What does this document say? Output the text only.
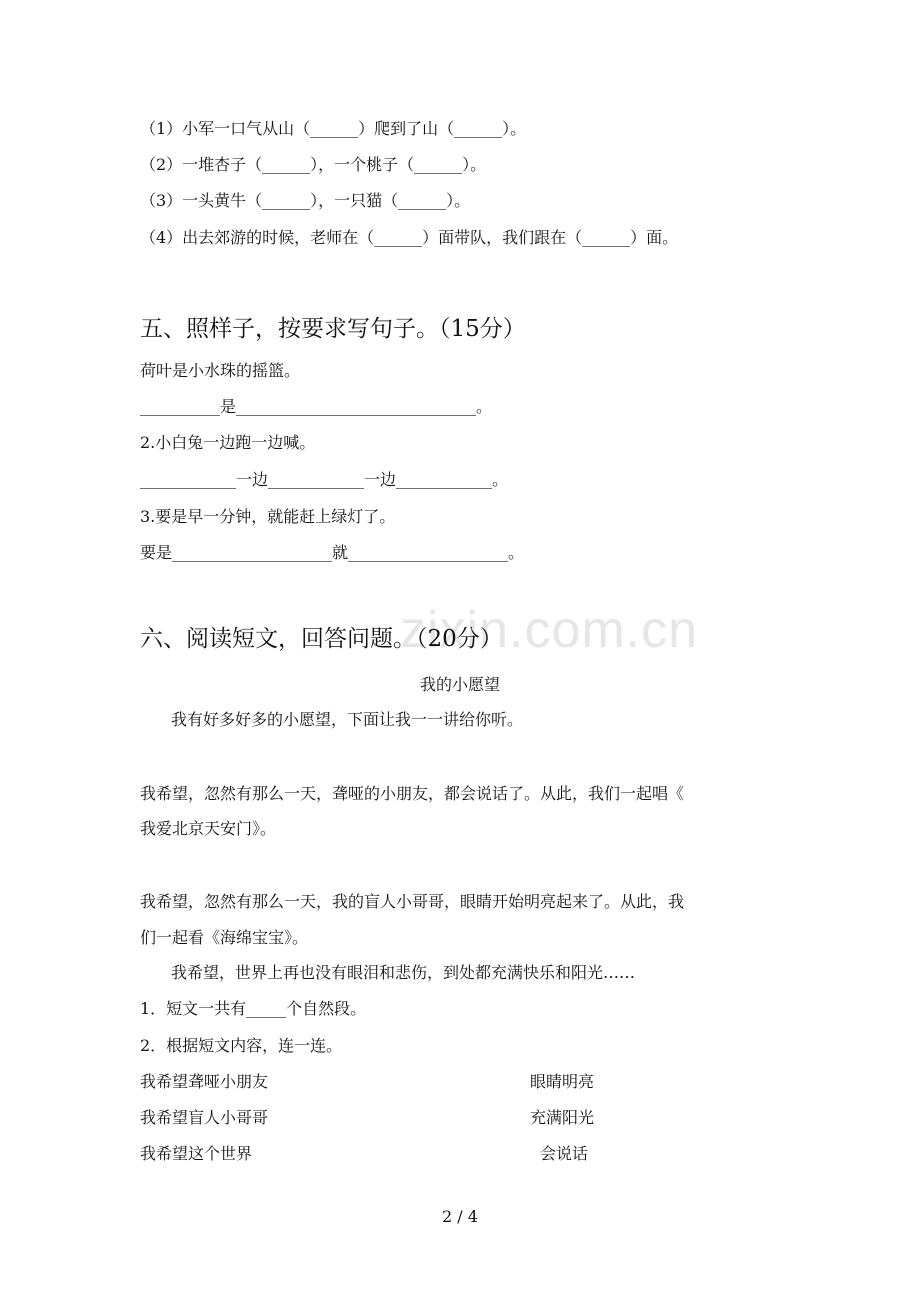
zixin.com.cn
（1）小军一口气从山（______）爬到了山（______）。
（2）一堆杏子（______），一个桃子（______）。
（3）一头黄牛（______），一只猫（______）。
（4）出去郊游的时候，老师在（______）面带队，我们跟在（______）面。
五、照样子，按要求写句子。（15分）
荷叶是小水珠的摇篮。
__________是______________________________。
2.小白兔一边跑一边喊。
____________一边____________一边____________。
3.要是早一分钟，就能赶上绿灯了。
要是____________________就____________________。
六、阅读短文，回答问题。（20分）
我的小愿望
我有好多好多的小愿望，下面让我一一讲给你听。
我希望，忽然有那么一天，聋哑的小朋友，都会说话了。从此，我们一起唱《
我爱北京天安门》。
我希望，忽然有那么一天，我的盲人小哥哥，眼睛开始明亮起来了。从此，我
们一起看《海绵宝宝》。
我希望，世界上再也没有眼泪和悲伤，到处都充满快乐和阳光……
1．短文一共有_____个自然段。
2．根据短文内容，连一连。
我希望聋哑小朋友	眼睛明亮
我希望盲人小哥哥	充满阳光
我希望这个世界	会说话
2 / 4
